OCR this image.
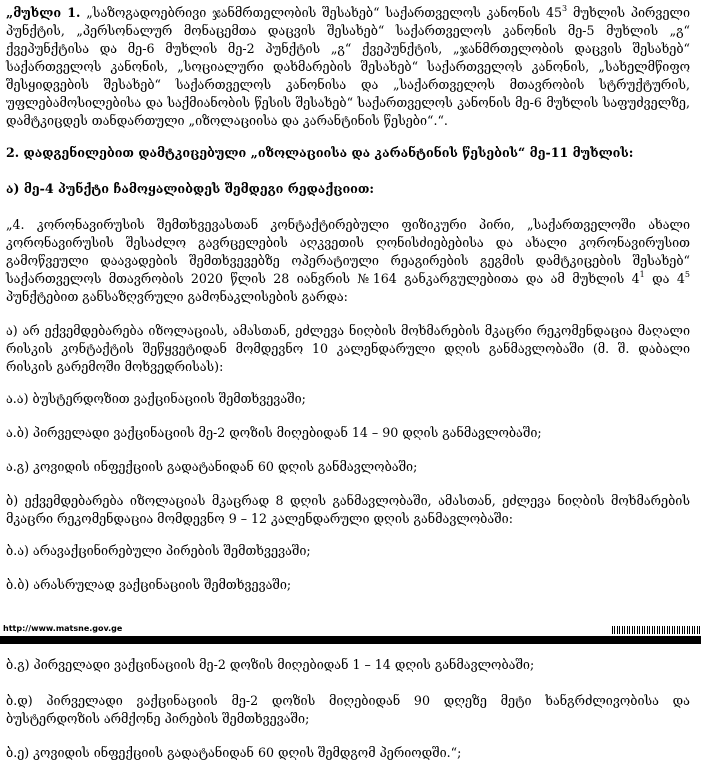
„მუხლი 1. „საზოგადოებრივი ჯანმრთელობის შესახებ“ საქართველოს კანონის $45^3$ მუხლის პირველი პუნქტის, „პერსონალურ მონაცემთა დაცვის შესახებ“ საქართველოს კანონის მე-5 მუხლის „გ“ ქვეპუნქტისა და მე-6 მუხლის მე-2 პუნქტის „გ“ ქვეპუნქტის, „ჯანმრთელობის დაცვის შესახებ“ საქართველოს კანონის, „სოციალური დახმარების შესახებ“ საქართველოს კანონის, „სახელმწიფო შესყიდვების შესახებ“ საქართველოს კანონისა და „საქართველოს მთავრობის სტრუქტურის, უფლებამოსილებისა და საქმიანობის წესის შესახებ“ საქართველოს კანონის მე-6 მუხლის საფუძველზე, დამტკიცდეს თანდართული „იზოლაციისა და კარანტინის წესები“.“.

2. დადგენილებით დამტკიცებული „იზოლაციისა და კარანტინის წესების“ მე-11 მუხლის:

ა) მე-4 პუნქტი ჩამოყალიბდეს შემდეგი რედაქციით:

„4. კორონავირუსის შემთხვევასთან კონტაქტირებული ფიზიკური პირი, „საქართველოში ახალი კორონავირუსის შესაძლო გავრცელების აღკვეთის ღონისძიებებისა და ახალი კორონავირუსით გამოწვეული დაავადების შემთხვევებზე ოპერატიული რეაგირების გეგმის დამტკიცების შესახებ“ საქართველოს მთავრობის 2020 წლის 28 იანვრის №164 განკარგულებითა და ამ მუხლის $4^1$ და $4^5$ პუნქტებით განსაზღვრული გამონაკლისების გარდა:

ა) არ ექვემდებარება იზოლაციას, ამასთან, ეძლევა ნიღბის მოხმარების მკაცრი რეკომენდაცია მაღალი რისკის კონტაქტის შეწყვეტიდან მომდევნო 10 კალენდარული დღის განმავლობაში (მ. შ. დაბალი რისკის გარემოში მოხვედრისას):

ა.ა) ბუსტერდოზით ვაქცინაციის შემთხვევაში;

ა.ბ) პირველადი ვაქცინაციის მე-2 დოზის მიღებიდან 14 – 90 დღის განმავლობაში;

ა.გ) კოვიდის ინფექციის გადატანიდან 60 დღის განმავლობაში;

ბ) ექვემდებარება იზოლაციას მკაცრად 8 დღის განმავლობაში, ამასთან, ეძლევა ნიღბის მოხმარების მკაცრი რეკომენდაცია მომდევნო 9 – 12 კალენდარული დღის განმავლობაში:

ბ.ა) არავაქცინირებული პირების შემთხვევაში;

ბ.ბ) არასრულად ვაქცინაციის შემთხვევაში;

http://www.matsne.gov.ge

ბ.გ) პირველადი ვაქცინაციის მე-2 დოზის მიღებიდან 1 – 14 დღის განმავლობაში;

ბ.დ) პირველადი ვაქცინაციის მე-2 დოზის მიღებიდან 90 დღეზე მეტი ხანგრძლივობისა და ბუსტერდოზის არმქონე პირების შემთხვევაში;

ბ.ე) კოვიდის ინფექციის გადატანიდან 60 დღის შემდგომ პერიოდში.“;
